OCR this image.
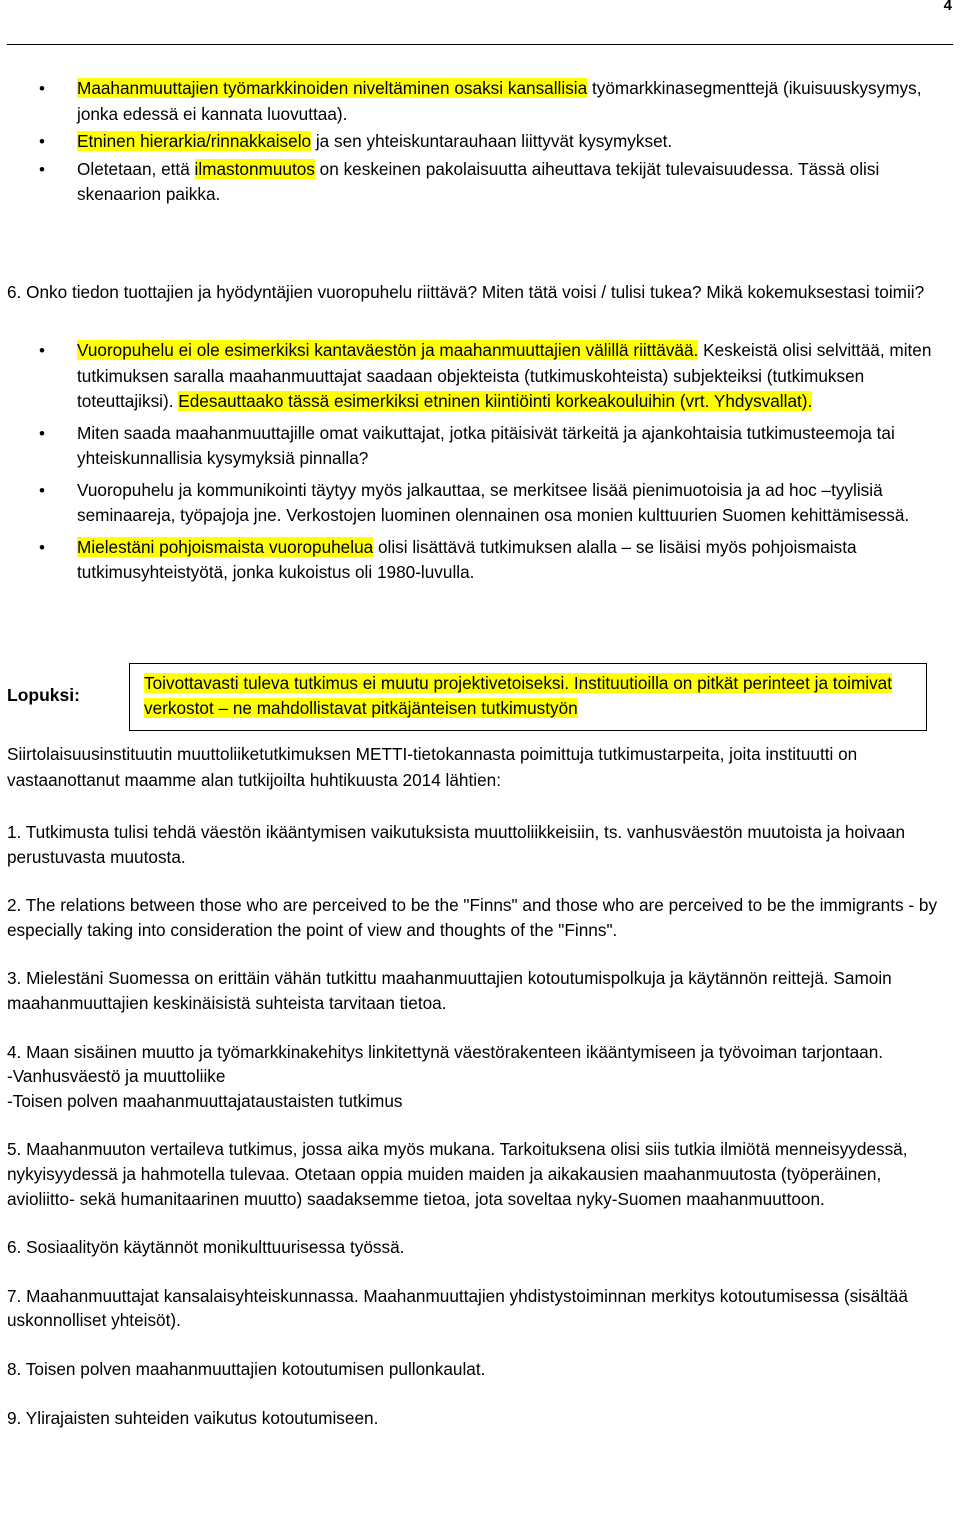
4
• Maahanmuuttajien työmarkkinoiden niveltäminen osaksi kansallisia työmarkkinasegmenttejä (ikuisuuskysymys, jonka edessä ei kannata luovuttaa).
• Etninen hierarkia/rinnakkaiselo ja sen yhteiskuntarauhaan liittyvät kysymykset.
• Oletetaan, että ilmastonmuutos on keskeinen pakolaisuutta aiheuttava tekijät tulevaisuudessa. Tässä olisi skenaarion paikka.

6. Onko tiedon tuottajien ja hyödyntäjien vuoropuhelu riittävä? Miten tätä voisi / tulisi tukea? Mikä kokemuksestasi toimii?

• Vuoropuhelu ei ole esimerkiksi kantaväestön ja maahanmuuttajien välillä riittävää. Keskeistä olisi selvittää, miten tutkimuksen saralla maahanmuuttajat saadaan objekteista (tutkimuskohteista) subjekteiksi (tutkimuksen toteuttajiksi). Edesauttaako tässä esimerkiksi etninen kiintiöinti korkeakouluihin (vrt. Yhdysvallat).
• Miten saada maahanmuuttajille omat vaikuttajat, jotka pitäisivät tärkeitä ja ajankohtaisia tutkimusteemoja tai yhteiskunnallisia kysymyksiä pinnalla?
• Vuoropuhelu ja kommunikointi täytyy myös jalkauttaa, se merkitsee lisää pienimuotoisia ja ad hoc –tyylisiä seminaareja, työpajoja jne. Verkostojen luominen olennainen osa monien kulttuurien Suomen kehittämisessä.
• Mielestäni pohjoismaista vuoropuhelua olisi lisättävä tutkimuksen alalla – se lisäisi myös pohjoismaista tutkimusyhteistyötä, jonka kukoistus oli 1980-luvulla.
Lopuksi:
Toivottavasti tuleva tutkimus ei muutu projektivetoiseksi. Instituutioilla on pitkät perinteet ja toimivat verkostot – ne mahdollistavat pitkäjänteisen tutkimustyön

Siirtolaisuusinstituutin muuttoliiketutkimuksen METTI-tietokannasta poimittuja tutkimustarpeita, joita instituutti on vastaanottanut maamme alan tutkijoilta huhtikuusta 2014 lähtien:

1. Tutkimusta tulisi tehdä väestön ikääntymisen vaikutuksista muuttoliikkeisiin, ts. vanhusväestön muutoista ja hoivaan perustuvasta muutosta.
2. The relations between those who are perceived to be the "Finns" and those who are perceived to be the immigrants - by especially taking into consideration the point of view and thoughts of the "Finns".
3. Mielestäni Suomessa on erittäin vähän tutkittu maahanmuuttajien kotoutumispolkuja ja käytännön reittejä. Samoin maahanmuuttajien keskinäisistä suhteista tarvitaan tietoa.
4. Maan sisäinen muutto ja työmarkkinakehitys linkitettynä väestörakenteen ikääntymiseen ja työvoiman tarjontaan.
-Vanhusväestö ja muuttoliike
-Toisen polven maahanmuuttajataustaisten tutkimus
5. Maahanmuuton vertaileva tutkimus, jossa aika myös mukana. Tarkoituksena olisi siis tutkia ilmiötä menneisyydessä, nykyisyydessä ja hahmotella tulevaa. Otetaan oppia muiden maiden ja aikakausien maahanmuutosta (työperäinen, avioliitto- sekä humanitaarinen muutto) saadaksemme tietoa, jota soveltaa nyky-Suomen maahanmuuttoon.
6. Sosiaalityön käytännöt monikulttuurisessa työssä.
7. Maahanmuuttajat kansalaisyhteiskunnassa. Maahanmuuttajien yhdistystoiminnan merkitys kotoutumisessa (sisältää uskonnolliset yhteisöt).
8. Toisen polven maahanmuuttajien kotoutumisen pullonkaulat.
9. Ylirajaisten suhteiden vaikutus kotoutumiseen.
